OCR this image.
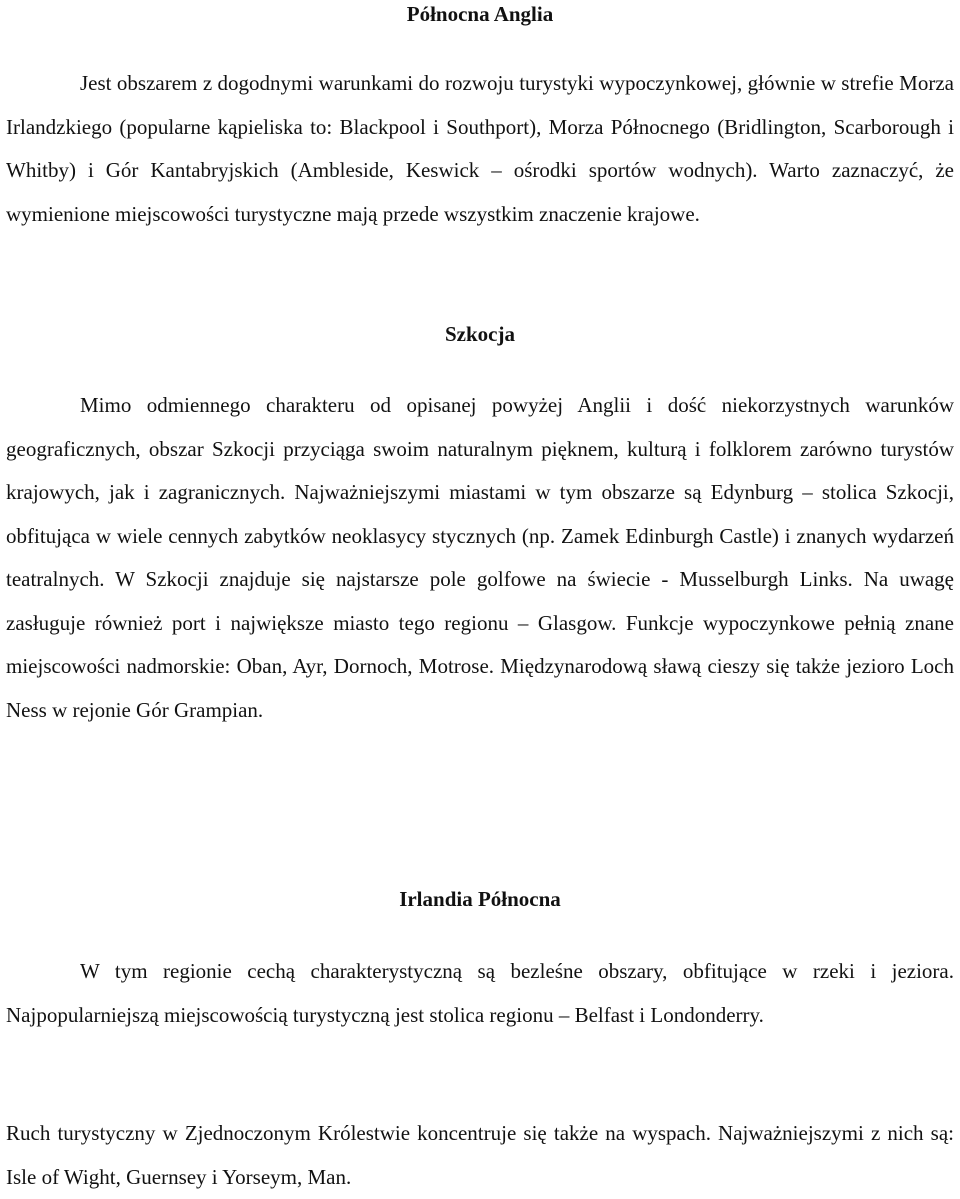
Północna Anglia

Jest obszarem z dogodnymi warunkami do rozwoju turystyki wypoczynkowej, głównie w strefie Morza Irlandzkiego (popularne kąpieliska to: Blackpool i Southport), Morza Północnego (Bridlington, Scarborough i Whitby) i Gór Kantabryjskich (Ambleside, Keswick – ośrodki sportów wodnych). Warto zaznaczyć, że wymienione miejscowości turystyczne mają przede wszystkim znaczenie krajowe.

Szkocja

Mimo odmiennego charakteru od opisanej powyżej Anglii i dość niekorzystnych warunków geograficznych, obszar Szkocji przyciąga swoim naturalnym pięknem, kulturą i folklorem zarówno turystów krajowych, jak i zagranicznych. Najważniejszymi miastami w tym obszarze są Edynburg – stolica Szkocji, obfitująca w wiele cennych zabytków neoklasycy stycznych (np. Zamek Edinburgh Castle) i znanych wydarzeń teatralnych. W Szkocji znajduje się najstarsze pole golfowe na świecie - Musselburgh Links. Na uwagę zasługuje również port i największe miasto tego regionu – Glasgow. Funkcje wypoczynkowe pełnią znane miejscowości nadmorskie: Oban, Ayr, Dornoch, Motrose. Międzynarodową sławą cieszy się także jezioro Loch Ness w rejonie Gór Grampian.

Irlandia Północna

W tym regionie cechą charakterystyczną są bezleśne obszary, obfitujące w rzeki i jeziora. Najpopularniejszą miejscowością turystyczną jest stolica regionu – Belfast i Londonderry.

Ruch turystyczny w Zjednoczonym Królestwie koncentruje się także na wyspach. Najważniejszymi z nich są: Isle of Wight, Guernsey i Yorseym, Man.
